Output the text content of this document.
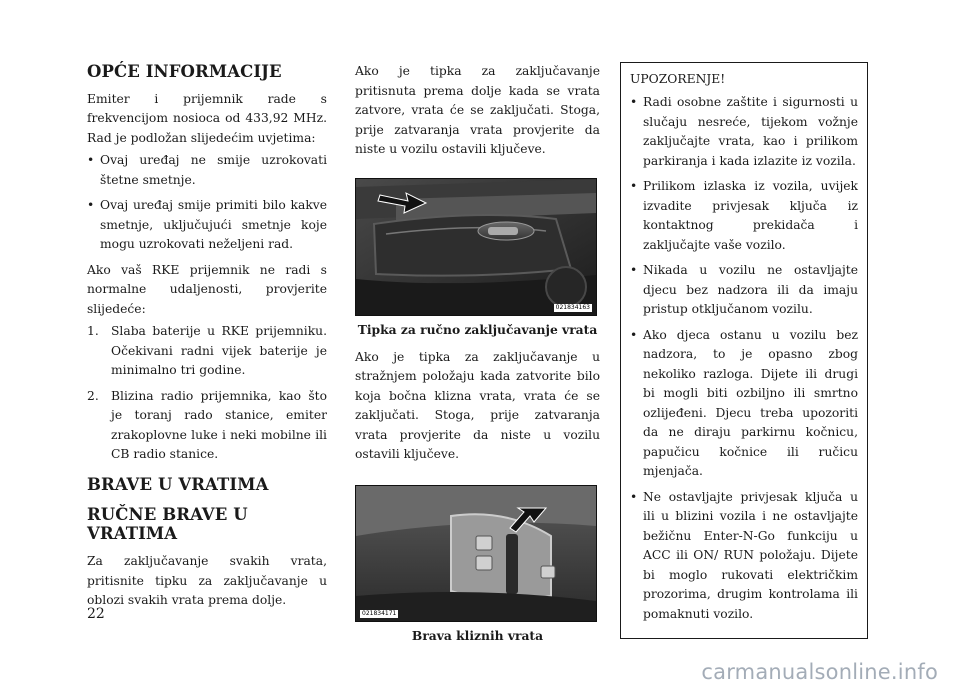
OPĆE INFORMACIJE

Emiter i prijemnik rade s frekvencijom nosioca od 433,92 MHz. Rad je podložan slijedećim uvjetima:

• Ovaj uređaj ne smije uzrokovati štetne smetnje.
• Ovaj uređaj smije primiti bilo kakve smetnje, uključujući smetnje koje mogu uzrokovati neželjeni rad.

Ako vaš RKE prijemnik ne radi s normalne udaljenosti, provjerite slijedeće:

1. Slaba baterije u RKE prijemniku. Očekivani radni vijek baterije je minimalno tri godine.
2. Blizina radio prijemnika, kao što je toranj rado stanice, emiter zrakoplovne luke i neki mobilne ili CB radio stanice.
BRAVE U VRATIMA
RUČNE BRAVE U VRATIMA

Za zaključavanje svakih vrata, pritisnite tipku za zaključavanje u oblozi svakih vrata prema dolje.

Ako je tipka za zaključavanje pritisnuta prema dolje kada se vrata zatvore, vrata će se zaključati. Stoga, prije zatvaranja vrata provjerite da niste u vozilu ostavili ključeve.

021834163
Tipka za ručno zaključavanje vrata

Ako je tipka za zaključavanje u stražnjem položaju kada zatvorite bilo koja bočna klizna vrata, vrata će se zaključati. Stoga, prije zatvaranja vrata provjerite da niste u vozilu ostavili ključeve.

021834171
Brava kliznih vrata
UPOZORENJE!
• Radi osobne zaštite i sigurnosti u slučaju nesreće, tijekom vožnje zaključajte vrata, kao i prilikom parkiranja i kada izlazite iz vozila.
• Prilikom izlaska iz vozila, uvijek izvadite privjesak ključa iz kontaktnog prekidača i zaključajte vaše vozilo.
• Nikada u vozilu ne ostavljajte djecu bez nadzora ili da imaju pristup otključanom vozilu.
• Ako djeca ostanu u vozilu bez nadzora, to je opasno zbog nekoliko razloga. Dijete ili drugi bi mogli biti ozbiljno ili smrtno ozlijeđeni. Djecu treba upozoriti da ne diraju parkirnu kočnicu, papučicu kočnice ili ručicu mjenjača.
• Ne ostavljajte privjesak ključa u ili u blizini vozila i ne ostavljajte bežičnu Enter-N-Go funkciju u ACC ili ON/ RUN položaju. Dijete bi moglo rukovati električkim prozorima, drugim kontrolama ili pomaknuti vozilo.
22
carmanualsonline.info
